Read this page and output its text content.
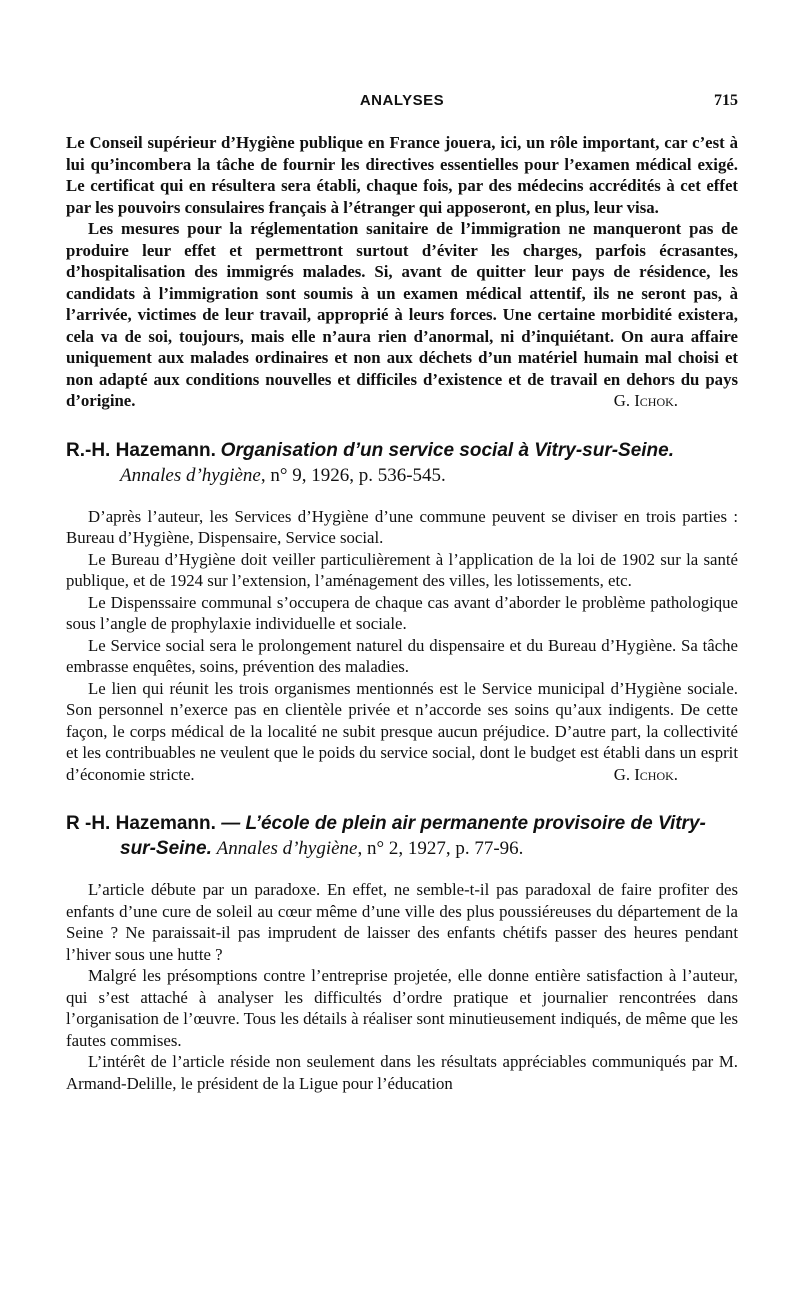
ANALYSES	715

Le Conseil supérieur d’Hygiène publique en France jouera, ici, un rôle important, car c’est à lui qu’incombera la tâche de fournir les directives essentielles pour l’examen médical exigé. Le certificat qui en résultera sera établi, chaque fois, par des médecins accrédités à cet effet par les pouvoirs consulaires français à l’étranger qui apposeront, en plus, leur visa.

Les mesures pour la réglementation sanitaire de l’immigration ne manqueront pas de produire leur effet et permettront surtout d’éviter les charges, parfois écrasantes, d’hospitalisation des immigrés malades. Si, avant de quitter leur pays de résidence, les candidats à l’immigration sont soumis à un examen médical attentif, ils ne seront pas, à l’arrivée, victimes de leur travail, approprié à leurs forces. Une certaine morbidité existera, cela va de soi, toujours, mais elle n’aura rien d’anormal, ni d’inquiétant. On aura affaire uniquement aux malades ordinaires et non aux déchets d’un matériel humain mal choisi et non adapté aux conditions nouvelles et difficiles d’existence et de travail en dehors du pays d’origine.	G. Ichok.
R.-H. Hazemann. Organisation d’un service social à Vitry-sur-Seine. Annales d’hygiène, n° 9, 1926, p. 536-545.

D’après l’auteur, les Services d’Hygiène d’une commune peuvent se diviser en trois parties : Bureau d’Hygiène, Dispensaire, Service social.

Le Bureau d’Hygiène doit veiller particulièrement à l’application de la loi de 1902 sur la santé publique, et de 1924 sur l’extension, l’aménagement des villes, les lotissements, etc.

Le Dispenssaire communal s’occupera de chaque cas avant d’aborder le problème pathologique sous l’angle de prophylaxie individuelle et sociale.

Le Service social sera le prolongement naturel du dispensaire et du Bureau d’Hygiène. Sa tâche embrasse enquêtes, soins, prévention des maladies.

Le lien qui réunit les trois organismes mentionnés est le Service municipal d’Hygiène sociale. Son personnel n’exerce pas en clientèle privée et n’accorde ses soins qu’aux indigents. De cette façon, le corps médical de la localité ne subit presque aucun préjudice. D’autre part, la collectivité et les contribuables ne veulent que le poids du service social, dont le budget est établi dans un esprit d’économie stricte.	G. Ichok.
R -H. Hazemann. — L’école de plein air permanente provisoire de Vitry-sur-Seine. Annales d’hygiène, n° 2, 1927, p. 77-96.

L’article débute par un paradoxe. En effet, ne semble-t-il pas paradoxal de faire profiter des enfants d’une cure de soleil au cœur même d’une ville des plus poussiéreuses du département de la Seine ? Ne paraissait-il pas imprudent de laisser des enfants chétifs passer des heures pendant l’hiver sous une hutte ?

Malgré les présomptions contre l’entreprise projetée, elle donne entière satisfaction à l’auteur, qui s’est attaché à analyser les difficultés d’ordre pratique et journalier rencontrées dans l’organisation de l’œuvre. Tous les détails à réaliser sont minutieusement indiqués, de même que les fautes commises.

L’intérêt de l’article réside non seulement dans les résultats appréciables communiqués par M. Armand-Delille, le président de la Ligue pour l’éducation
